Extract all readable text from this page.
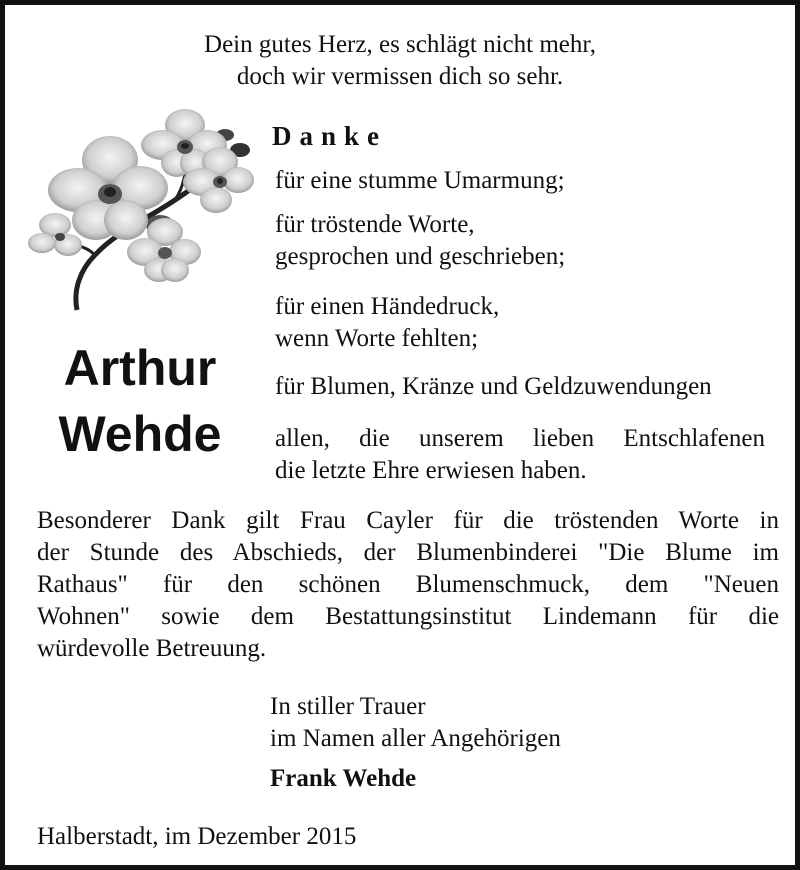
Dein gutes Herz, es schlägt nicht mehr,
doch wir vermissen dich so sehr.
Danke
für eine stumme Umarmung;
für tröstende Worte,
gesprochen und geschrieben;
für einen Händedruck,
wenn Worte fehlten;
für Blumen, Kränze und Geldzuwendungen
allen, die unserem lieben Entschlafenen
die letzte Ehre erwiesen haben.
Arthur
Wehde
Besonderer Dank gilt Frau Cayler für die tröstenden Worte in
der Stunde des Abschieds, der Blumenbinderei "Die Blume im
Rathaus" für den schönen Blumenschmuck, dem "Neuen
Wohnen" sowie dem Bestattungsinstitut Lindemann für die
würdevolle Betreuung.
In stiller Trauer
im Namen aller Angehörigen
Frank Wehde
Halberstadt, im Dezember 2015
